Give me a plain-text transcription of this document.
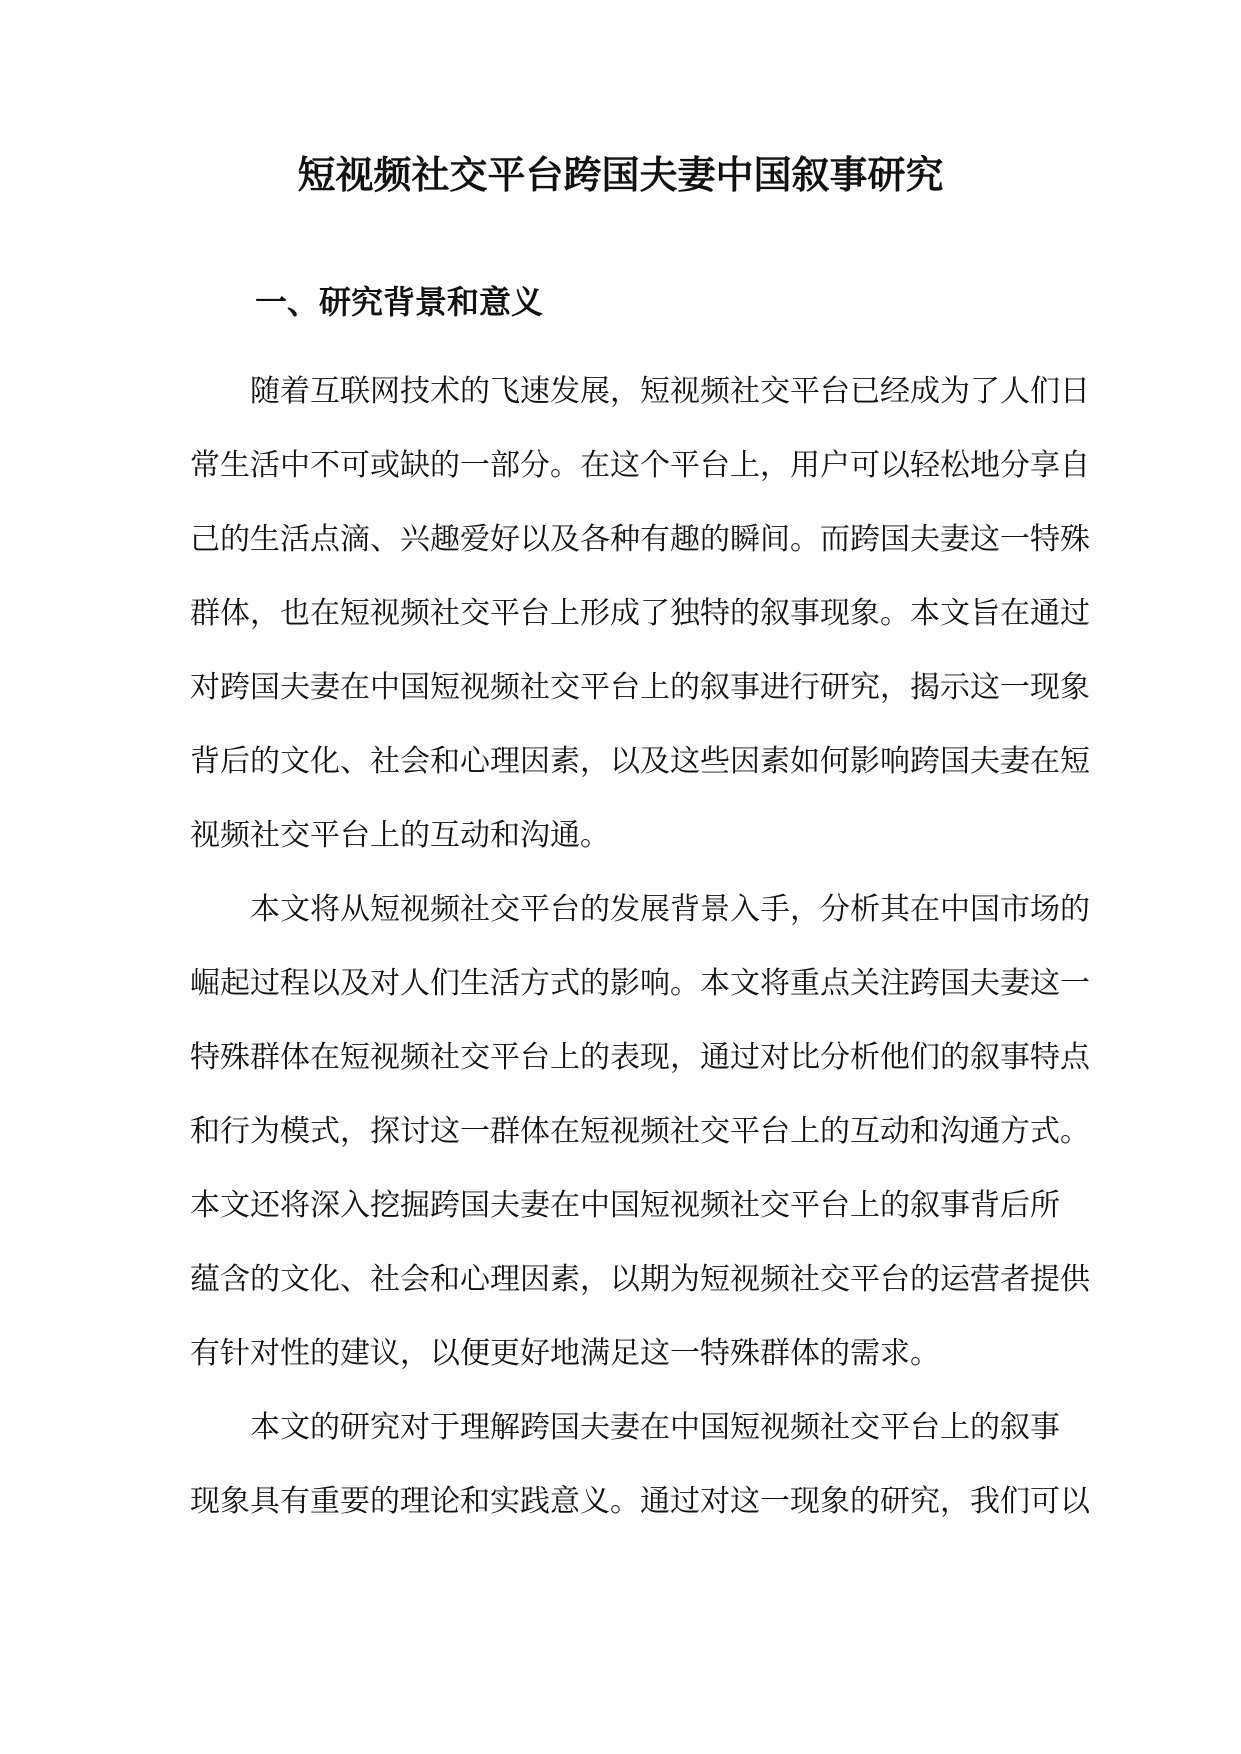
短视频社交平台跨国夫妻中国叙事研究
一、研究背景和意义
随着互联网技术的飞速发展，短视频社交平台已经成为了人们日
常生活中不可或缺的一部分。在这个平台上，用户可以轻松地分享自
己的生活点滴、兴趣爱好以及各种有趣的瞬间。而跨国夫妻这一特殊
群体，也在短视频社交平台上形成了独特的叙事现象。本文旨在通过
对跨国夫妻在中国短视频社交平台上的叙事进行研究，揭示这一现象
背后的文化、社会和心理因素，以及这些因素如何影响跨国夫妻在短
视频社交平台上的互动和沟通。
本文将从短视频社交平台的发展背景入手，分析其在中国市场的
崛起过程以及对人们生活方式的影响。本文将重点关注跨国夫妻这一
特殊群体在短视频社交平台上的表现，通过对比分析他们的叙事特点
和行为模式，探讨这一群体在短视频社交平台上的互动和沟通方式。
本文还将深入挖掘跨国夫妻在中国短视频社交平台上的叙事背后所
蕴含的文化、社会和心理因素，以期为短视频社交平台的运营者提供
有针对性的建议，以便更好地满足这一特殊群体的需求。
本文的研究对于理解跨国夫妻在中国短视频社交平台上的叙事
现象具有重要的理论和实践意义。通过对这一现象的研究，我们可以
